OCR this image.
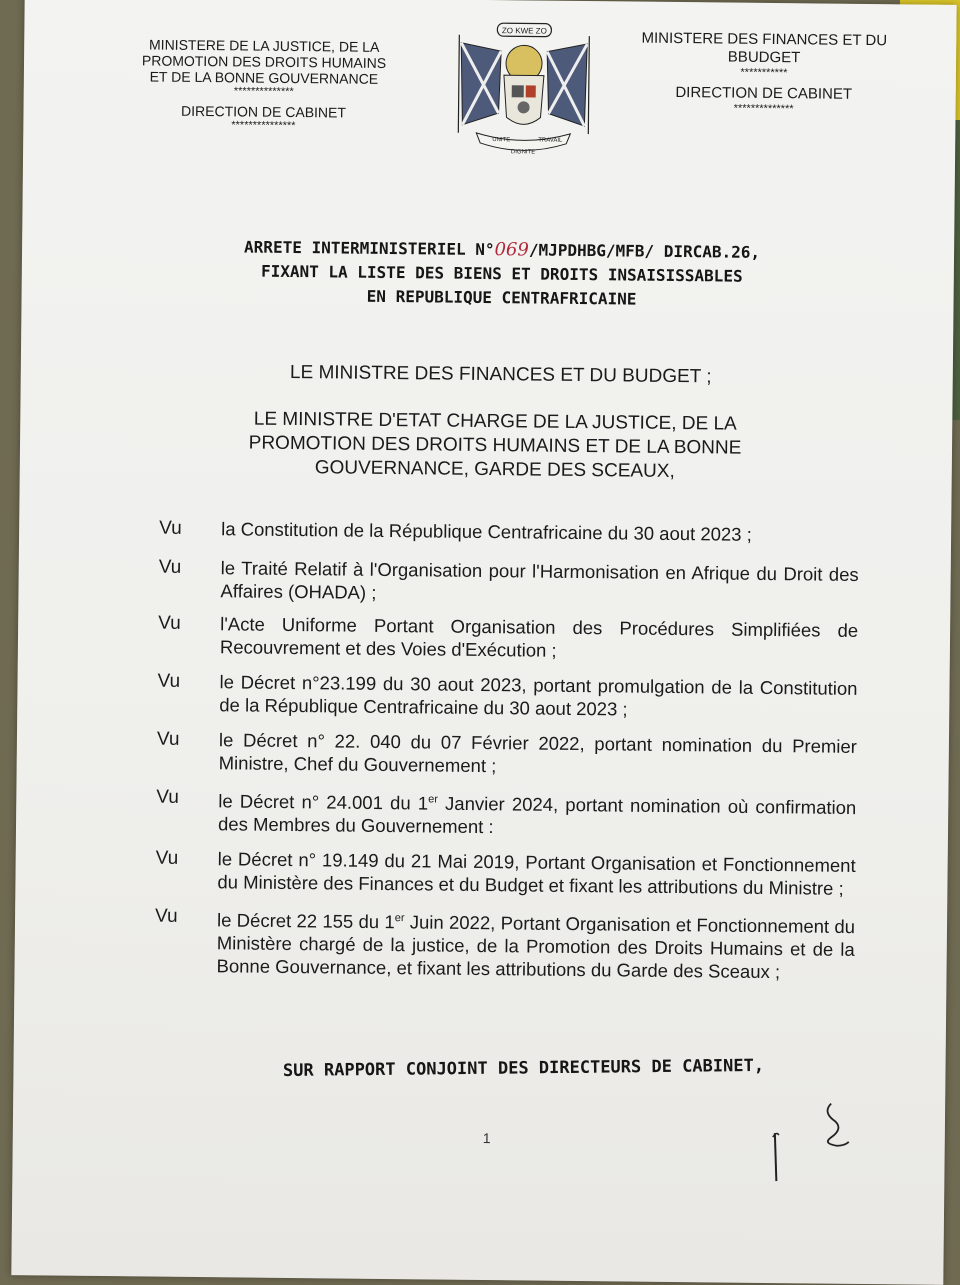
MINISTERE DE LA JUSTICE, DE LA PROMOTION DES DROITS HUMAINS ET DE LA BONNE GOUVERNANCE
**************
DIRECTION DE CABINET
***************
ZO KWE ZO
UNITE
DIGNITE
TRAVAIL
MINISTERE DES FINANCES ET DU BBUDGET
***********
DIRECTION DE CABINET
**************
ARRETE INTERMINISTERIEL N°069/MJPDHBG/MFB/ DIRCAB.26,
FIXANT LA LISTE DES BIENS ET DROITS INSAISISSABLES
EN REPUBLIQUE CENTRAFRICAINE
LE MINISTRE DES FINANCES ET DU BUDGET ;
LE MINISTRE D'ETAT CHARGE DE LA JUSTICE, DE LA PROMOTION DES DROITS HUMAINS ET DE LA BONNE GOUVERNANCE, GARDE DES SCEAUX,
Vu	la Constitution de la République Centrafricaine du 30 aout 2023 ;
Vu	le Traité Relatif à l'Organisation pour l'Harmonisation en Afrique du Droit des Affaires (OHADA) ;
Vu	l'Acte Uniforme Portant Organisation des Procédures Simplifiées de Recouvrement et des Voies d'Exécution ;
Vu	le Décret n°23.199 du 30 aout 2023, portant promulgation de la Constitution de la République Centrafricaine du 30 aout 2023 ;
Vu	le Décret n° 22. 040 du 07 Février 2022, portant nomination du Premier Ministre, Chef du Gouvernement ;
Vu	le Décret n° 24.001 du 1er Janvier 2024, portant nomination où confirmation des Membres du Gouvernement :
Vu	le Décret n° 19.149 du 21 Mai 2019, Portant Organisation et Fonctionnement du Ministère des Finances et du Budget et fixant les attributions du Ministre ;
Vu	le Décret 22 155 du 1er Juin 2022, Portant Organisation et Fonctionnement du Ministère chargé de la justice, de la Promotion des Droits Humains et de la Bonne Gouvernance, et fixant les attributions du Garde des Sceaux ;
SUR RAPPORT CONJOINT DES DIRECTEURS DE CABINET,
1
